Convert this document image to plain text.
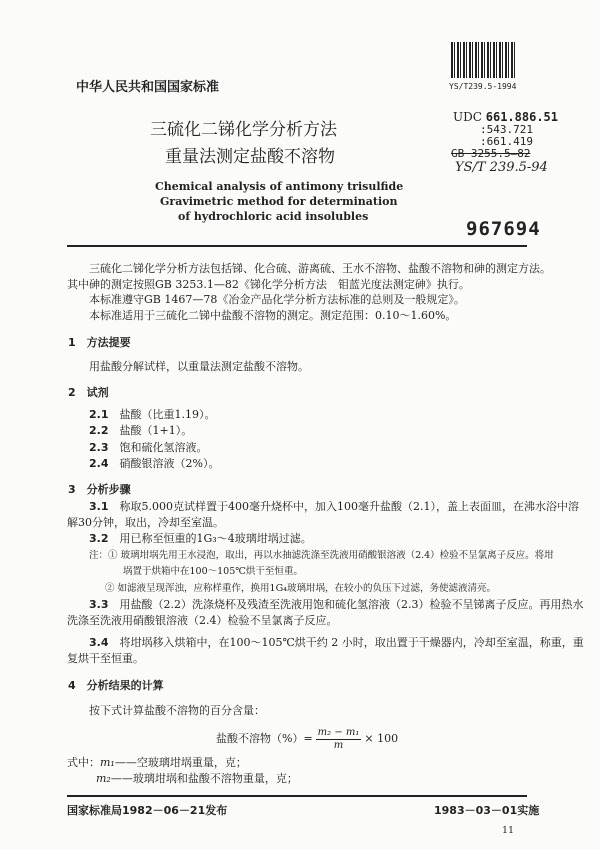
YS/T239.5-1994
中华人民共和国国家标准
三硫化二锑化学分析方法
重量法测定盐酸不溶物
Chemical analysis of antimony trisulfide
Gravimetric method for determination
of hydrochloric acid insolubles
UDC 661.886.51
:543.721
:661.419
GB 3255.5—82
YS/T 239.5-94
967694
三硫化二锑化学分析方法包括锑、化合硫、游离硫、王水不溶物、盐酸不溶物和砷的测定方法。
其中砷的测定按照GB 3253.1—82《锑化学分析方法　钼蓝光度法测定砷》执行。
本标准遵守GB 1467—78《冶金产品化学分析方法标准的总则及一般规定》。
本标准适用于三硫化二锑中盐酸不溶物的测定。测定范围：0.10～1.60%。
1　 方法提要
用盐酸分解试样，以重量法测定盐酸不溶物。
2　 试剂
2.1　 盐酸（比重1.19）。
2.2　 盐酸（1+1）。
2.3　 饱和硫化氢溶液。
2.4　 硝酸银溶液（2%）。
3　 分析步骤
3.1　 称取5.000克试样置于400毫升烧杯中，加入100毫升盐酸（2.1），盖上表面皿，在沸水浴中溶
解30分钟，取出，冷却至室温。
3.2　 用已称至恒重的1G₃～4玻璃坩埚过滤。
注：① 玻璃坩埚先用王水浸泡，取出，再以水抽滤洗涤至洗液用硝酸银溶液（2.4）检验不呈氯离子反应。将坩
埚置于烘箱中在100～105℃烘干至恒重。
② 如滤液呈现浑浊，应称样重作，换用1G₄玻璃坩埚，在较小的负压下过滤，务使滤液清亮。
3.3　 用盐酸（2.2）洗涤烧杯及残渣至洗液用饱和硫化氢溶液（2.3）检验不呈锑离子反应。再用热水
洗涤至洗液用硝酸银溶液（2.4）检验不呈氯离子反应。
3.4　 将坩埚移入烘箱中，在100～105℃烘干约 2 小时，取出置于干燥器内，冷却至室温，称重，重
复烘干至恒重。
4　 分析结果的计算
按下式计算盐酸不溶物的百分含量：
盐酸不溶物（%）= $\frac{\text{m₂ − m₁}}{m} \times 100$
式中：m₁——空玻璃坩埚重量，克；
m₂——玻璃坩埚和盐酸不溶物重量，克；
国家标准局1982－06－21发布	1983－03－01实施
11
